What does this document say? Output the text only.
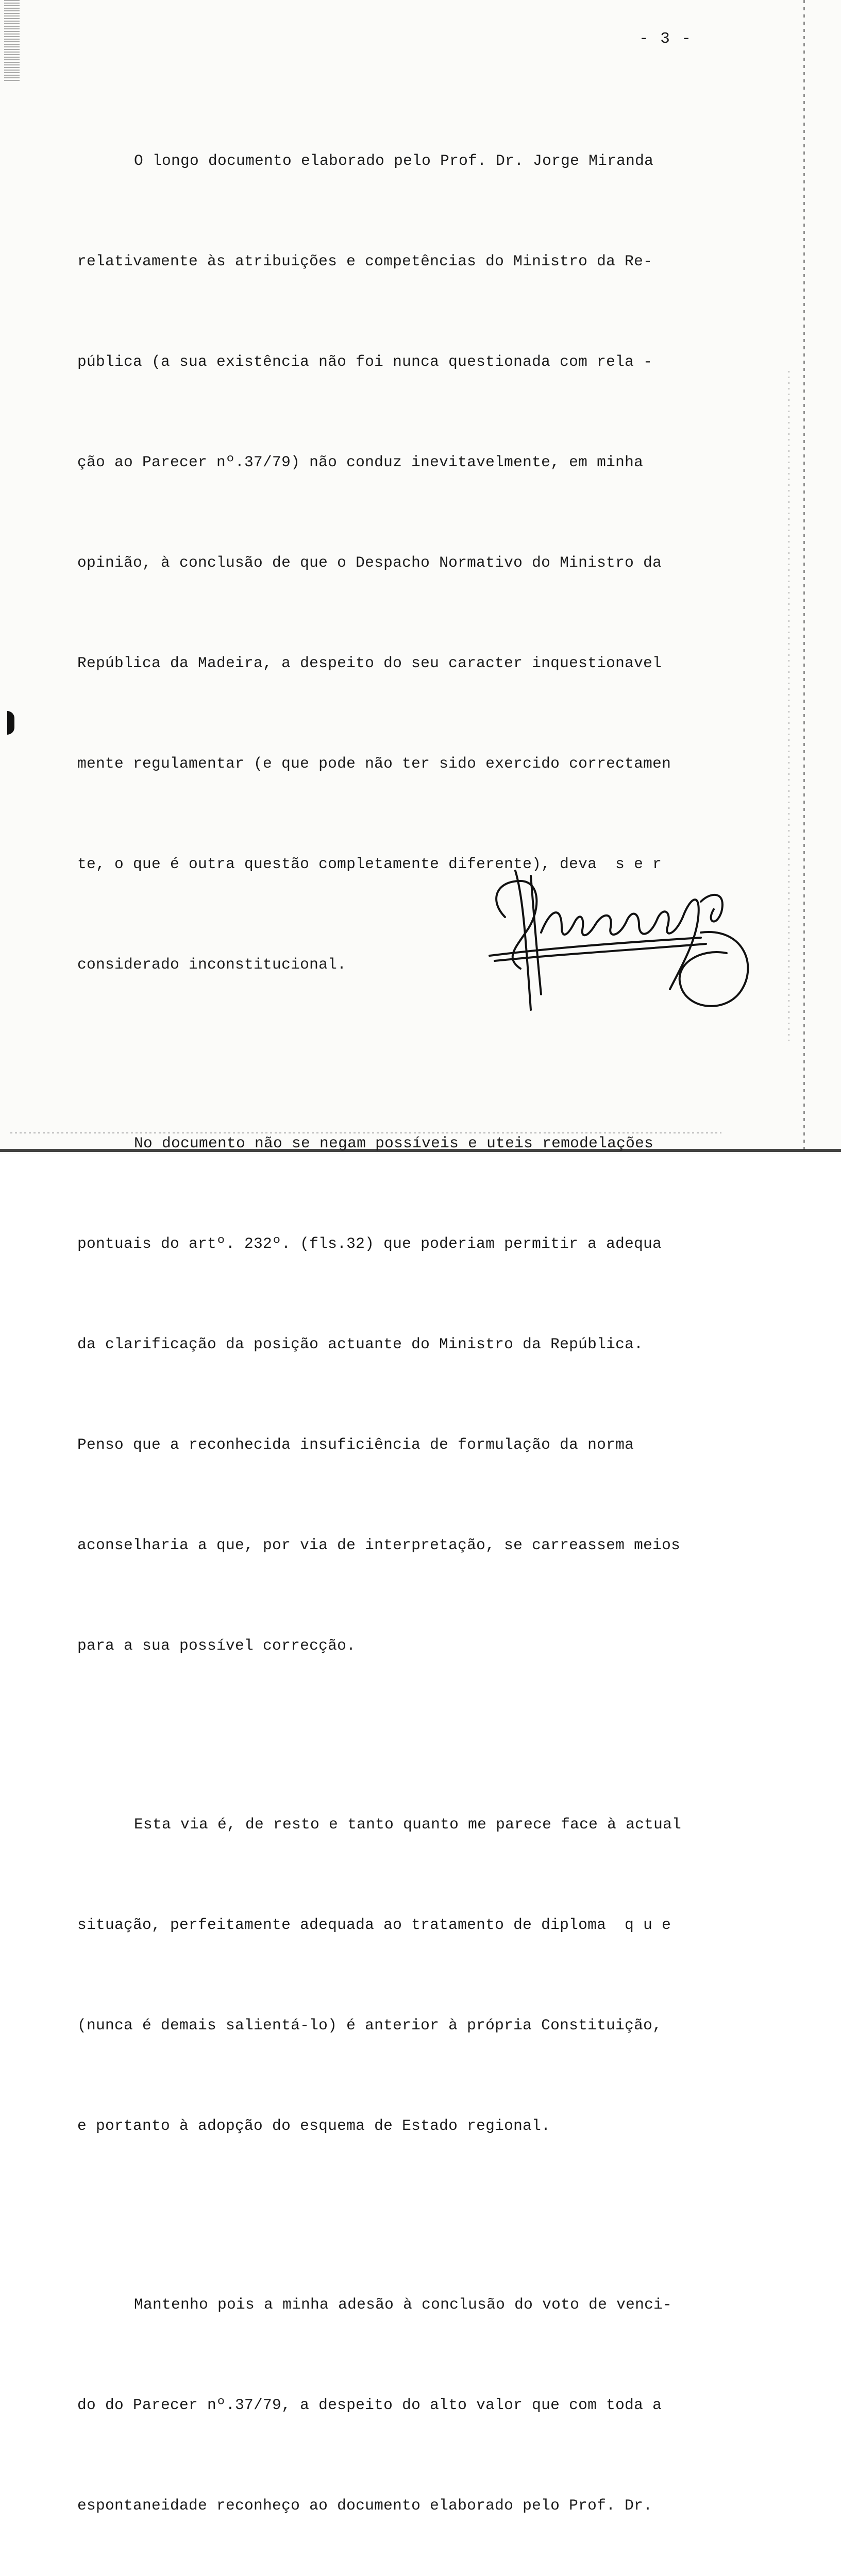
- 3 -

O longo documento elaborado pelo Prof. Dr. Jorge Miranda

relativamente às atribuições e competências do Ministro da Re-

pública (a sua existência não foi nunca questionada com rela -

ção ao Parecer nº.37/79) não conduz inevitavelmente, em minha

opinião, à conclusão de que o Despacho Normativo do Ministro da

República da Madeira, a despeito do seu caracter inquestionavel

mente regulamentar (e que pode não ter sido exercido correctamen

te, o que é outra questão completamente diferente), deva  s e r

considerado inconstitucional.

No documento não se negam possíveis e uteis remodelações

pontuais do artº. 232º. (fls.32) que poderiam permitir a adequa

da clarificação da posição actuante do Ministro da República.

Penso que a reconhecida insuficiência de formulação da norma

aconselharia a que, por via de interpretação, se carreassem meios

para a sua possível correcção.

Esta via é, de resto e tanto quanto me parece face à actual

situação, perfeitamente adequada ao tratamento de diploma  q u e

(nunca é demais salientá-lo) é anterior à própria Constituição,

e portanto à adopção do esquema de Estado regional.

Mantenho pois a minha adesão à conclusão do voto de venci-

do do Parecer nº.37/79, a despeito do alto valor que com toda a

espontaneidade reconheço ao documento elaborado pelo Prof. Dr.
